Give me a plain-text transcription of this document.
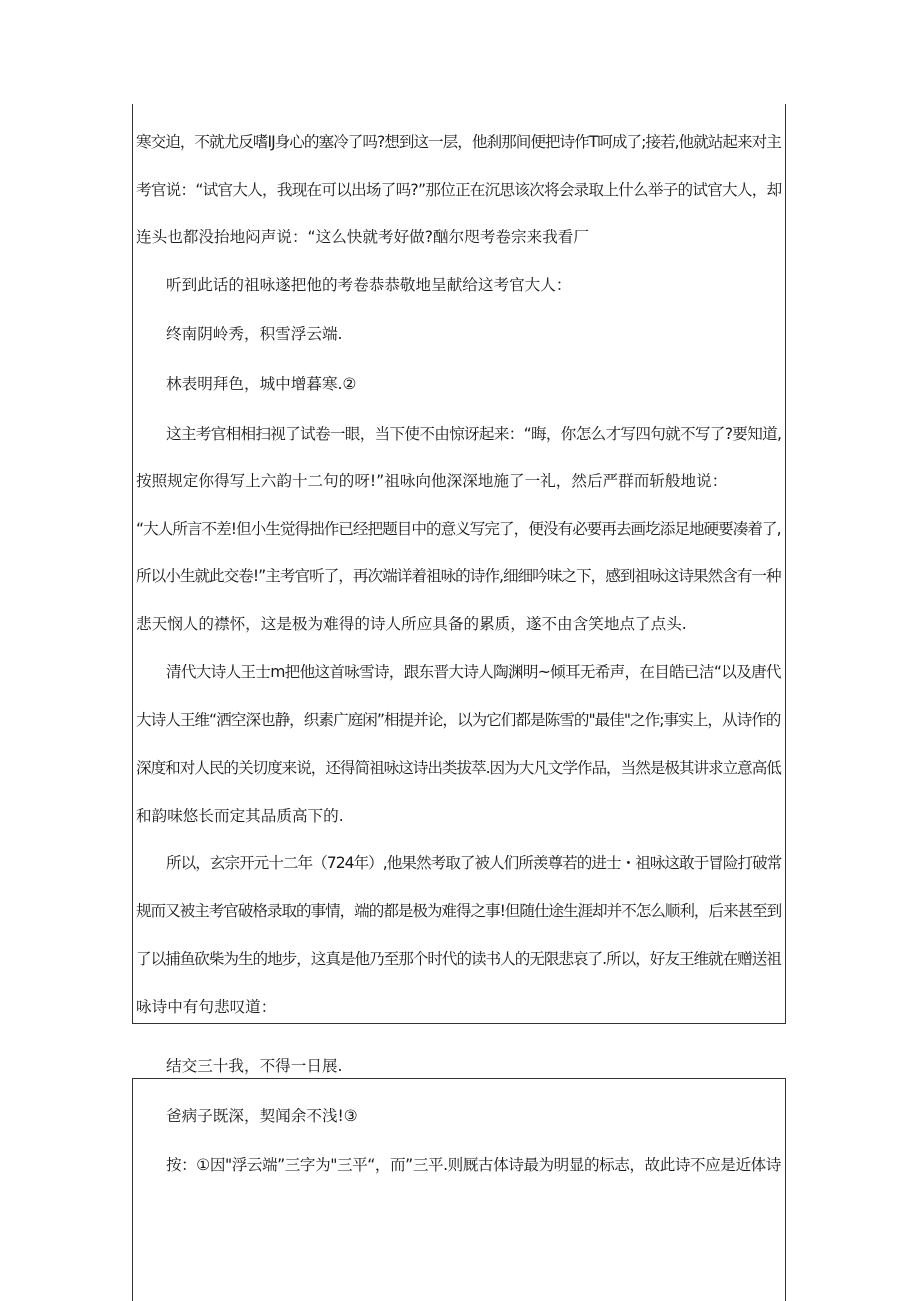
寒交迫，不就尤反嗜IJ身心的塞冷了吗?想到这一层，他刹那间便把诗作T呵成了;接若,他就站起来对主
考官说：“试官大人，我现在可以出场了吗?”那位正在沉思该次将会录取上什么举子的试官大人，却
连头也都没抬地闷声说：“这么快就考好做?酗尔咫考卷宗来我看厂
听到此话的祖咏遂把他的考卷恭恭敬地呈献给这考官大人：
终南阴岭秀，积雪浮云端.
林表明拜色，城中增暮寒.②
这主考官相相扫视了试卷一眼，当下使不由惊讶起来：“晦，你怎么才写四句就不写了?要知道,
按照规定你得写上六韵十二句的呀!”祖咏向他深深地施了一礼，然后严群而斩般地说：
“大人所言不差!但小生觉得拙作已经把题目中的意义写完了，便没有必要再去画圪添足地硬要凑着了,
所以小生就此交卷!”主考官听了，再次端详着祖咏的诗作,细细吟味之下，感到祖咏这诗果然含有一种
悲天悯人的襟怀，这是极为难得的诗人所应具备的累质，遂不由含笑地点了点头.
清代大诗人王士m把他这首咏雪诗，跟东晋大诗人陶渊明~倾耳无希声，在目皓已洁“以及唐代
大诗人王维“洒空深也静，织素广庭闲”相提并论，以为它们都是陈雪的"最佳"之作;事实上，从诗作的
深度和对人民的关切度来说，还得简祖咏这诗出类拔萃.因为大凡文学作品，当然是极其讲求立意高低
和韵味悠长而定其品质高下的.
所以，玄宗开元十二年（724年）,他果然考取了被人们所羡尊若的进士・祖咏这敢于冒险打破常
规而又被主考官破格录取的事情，端的都是极为难得之事!但随仕途生涯却并不怎么顺利，后来甚至到
了以捕鱼砍柴为生的地步，这真是他乃至那个时代的读书人的无限悲哀了.所以，好友王维就在赠送祖
咏诗中有句悲叹道：
结交三十我，不得一日展.
爸病子既深，契闻余不浅!③
按：①因"浮云端”三字为"三平“，而”三平.则厩古体诗最为明显的标志，故此诗不应是近体诗
